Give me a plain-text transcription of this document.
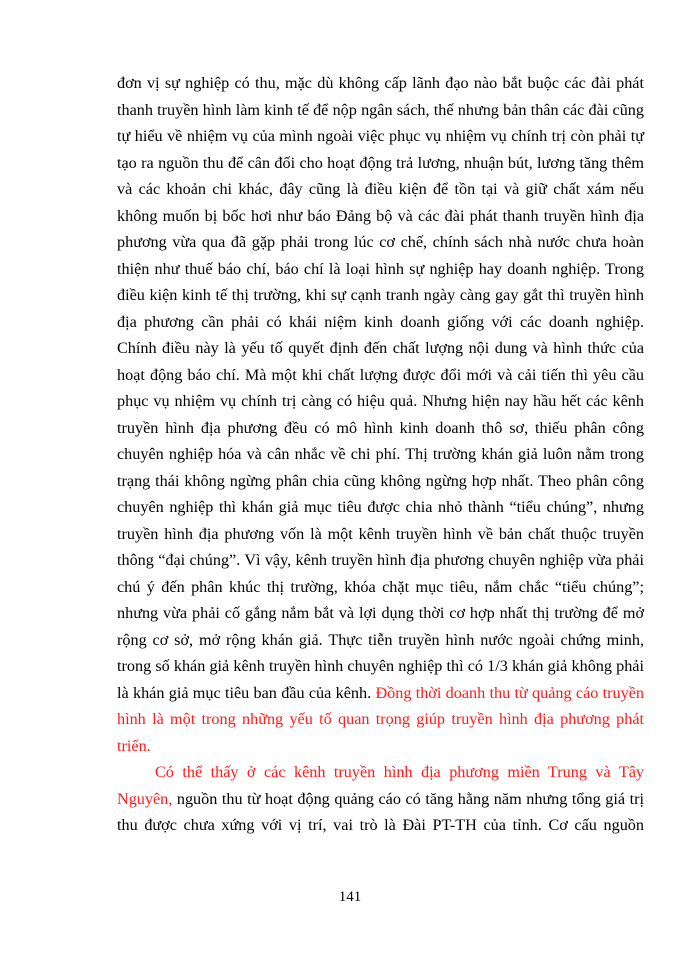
đơn vị sự nghiệp có thu, mặc dù không cấp lãnh đạo nào bắt buộc các đài phát thanh truyền hình làm kinh tế để nộp ngân sách, thế nhưng bản thân các đài cũng tự hiểu về nhiệm vụ của mình ngoài việc phục vụ nhiệm vụ chính trị còn phải tự tạo ra nguồn thu để cân đối cho hoạt động trả lương, nhuận bút, lương tăng thêm và các khoản chi khác, đây cũng là điều kiện để tồn tại và giữ chất xám nếu không muốn bị bốc hơi như báo Đảng bộ và các đài phát thanh truyền hình địa phương vừa qua đã gặp phải trong lúc cơ chế, chính sách nhà nước chưa hoàn thiện như thuế báo chí, báo chí là loại hình sự nghiệp hay doanh nghiệp. Trong điều kiện kinh tế thị trường, khi sự cạnh tranh ngày càng gay gắt thì truyền hình địa phương cần phải có khái niệm kinh doanh giống với các doanh nghiệp. Chính điều này là yếu tố quyết định đến chất lượng nội dung và hình thức của hoạt động báo chí. Mà một khi chất lượng được đổi mới và cải tiến thì yêu cầu phục vụ nhiệm vụ chính trị càng có hiệu quả. Nhưng hiện nay hầu hết các kênh truyền hình địa phương đều có mô hình kinh doanh thô sơ, thiếu phân công chuyên nghiệp hóa và cân nhắc về chi phí. Thị trường khán giả luôn nằm trong trạng thái không ngừng phân chia cũng không ngừng hợp nhất. Theo phân công chuyên nghiệp thì khán giả mục tiêu được chia nhỏ thành “tiểu chúng”, nhưng truyền hình địa phương vốn là một kênh truyền hình về bản chất thuộc truyền thông “đại chúng”. Vì vậy, kênh truyền hình địa phương chuyên nghiệp vừa phải chú ý đến phân khúc thị trường, khóa chặt mục tiêu, nắm chắc “tiểu chúng”; nhưng vừa phải cố gắng nắm bắt và lợi dụng thời cơ hợp nhất thị trường để mở rộng cơ sở, mở rộng khán giả. Thực tiễn truyền hình nước ngoài chứng minh, trong số khán giả kênh truyền hình chuyên nghiệp thì có 1/3 khán giả không phải là khán giả mục tiêu ban đầu của kênh. Đồng thời doanh thu từ quảng cáo truyền hình là một trong những yếu tố quan trọng giúp truyền hình địa phương phát triển.

Có thể thấy ở các kênh truyền hình địa phương miền Trung và Tây Nguyên, nguồn thu từ hoạt động quảng cáo có tăng hằng năm nhưng tổng giá trị thu được chưa xứng với vị trí, vai trò là Đài PT-TH của tỉnh. Cơ cấu nguồn

141
